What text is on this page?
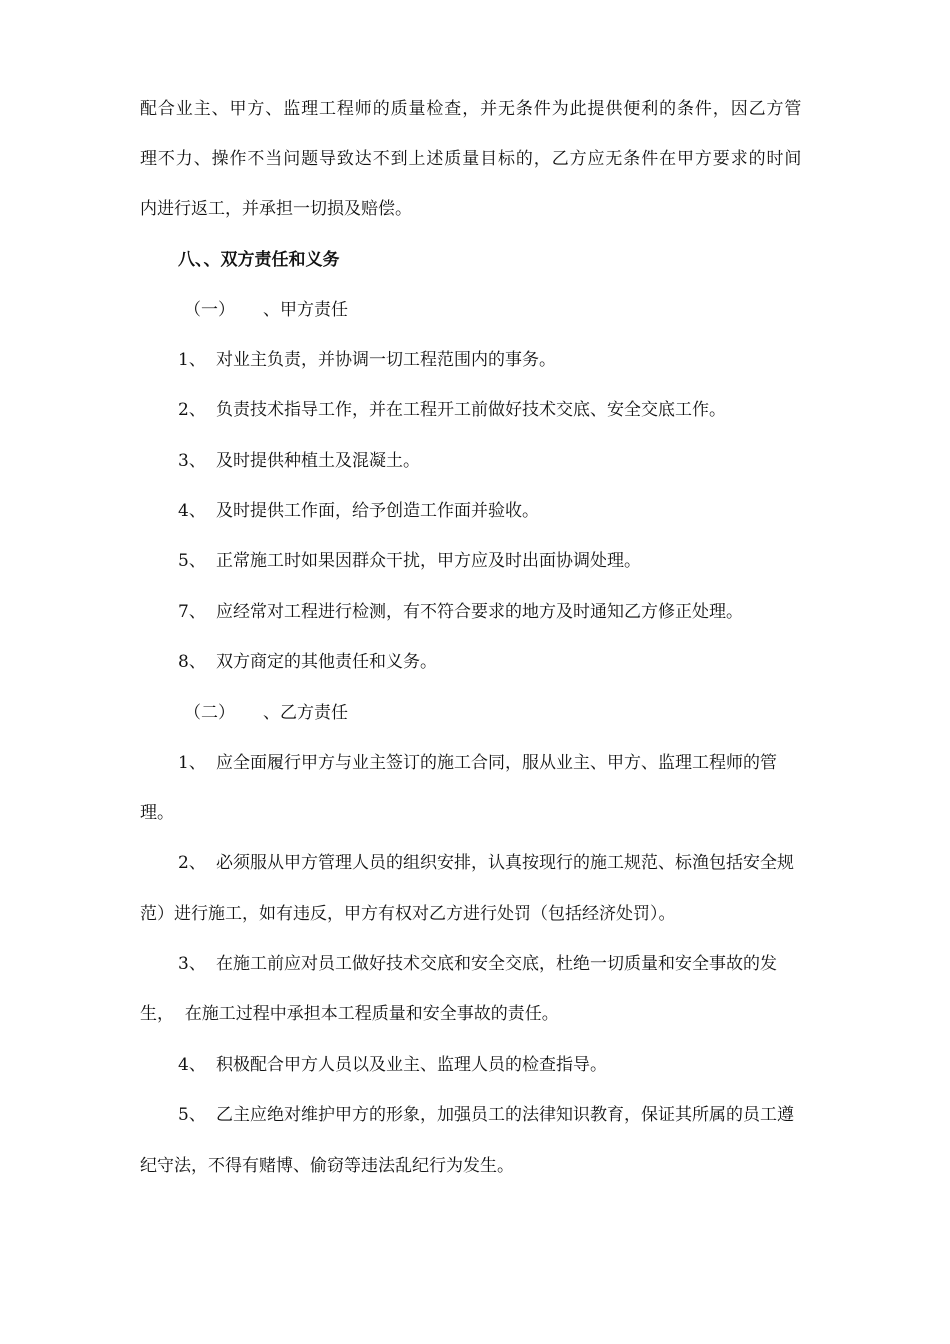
配合业主、甲方、监理工程师的质量检查，并无条件为此提供便利的条件，因乙方管
理不力、操作不当问题导致达不到上述质量目标的，乙方应无条件在甲方要求的时间
内进行返工，并承担一切损及赔偿。
八、、双方责任和义务
（一） 、甲方责任
1、 对业主负责，并协调一切工程范围内的事务。
2、 负责技术指导工作，并在工程开工前做好技术交底、安全交底工作。
3、 及时提供种植土及混凝土。
4、 及时提供工作面，给予创造工作面并验收。
5、 正常施工时如果因群众干扰，甲方应及时出面协调处理。
7、 应经常对工程进行检测，有不符合要求的地方及时通知乙方修正处理。
8、 双方商定的其他责任和义务。
（二） 、乙方责任
1、 应全面履行甲方与业主签订的施工合同，服从业主、甲方、监理工程师的管
理。
2、 必须服从甲方管理人员的组织安排，认真按现行的施工规范、标渔包括安全规
范）进行施工，如有违反，甲方有权对乙方进行处罚（包括经济处罚）。
3、 在施工前应对员工做好技术交底和安全交底，杜绝一切质量和安全事故的发
生，  在施工过程中承担本工程质量和安全事故的责任。
4、 积极配合甲方人员以及业主、监理人员的检查指导。
5、 乙主应绝对维护甲方的形象，加强员工的法律知识教育，保证其所属的员工遵
纪守法，不得有赌博、偷窃等违法乱纪行为发生。
